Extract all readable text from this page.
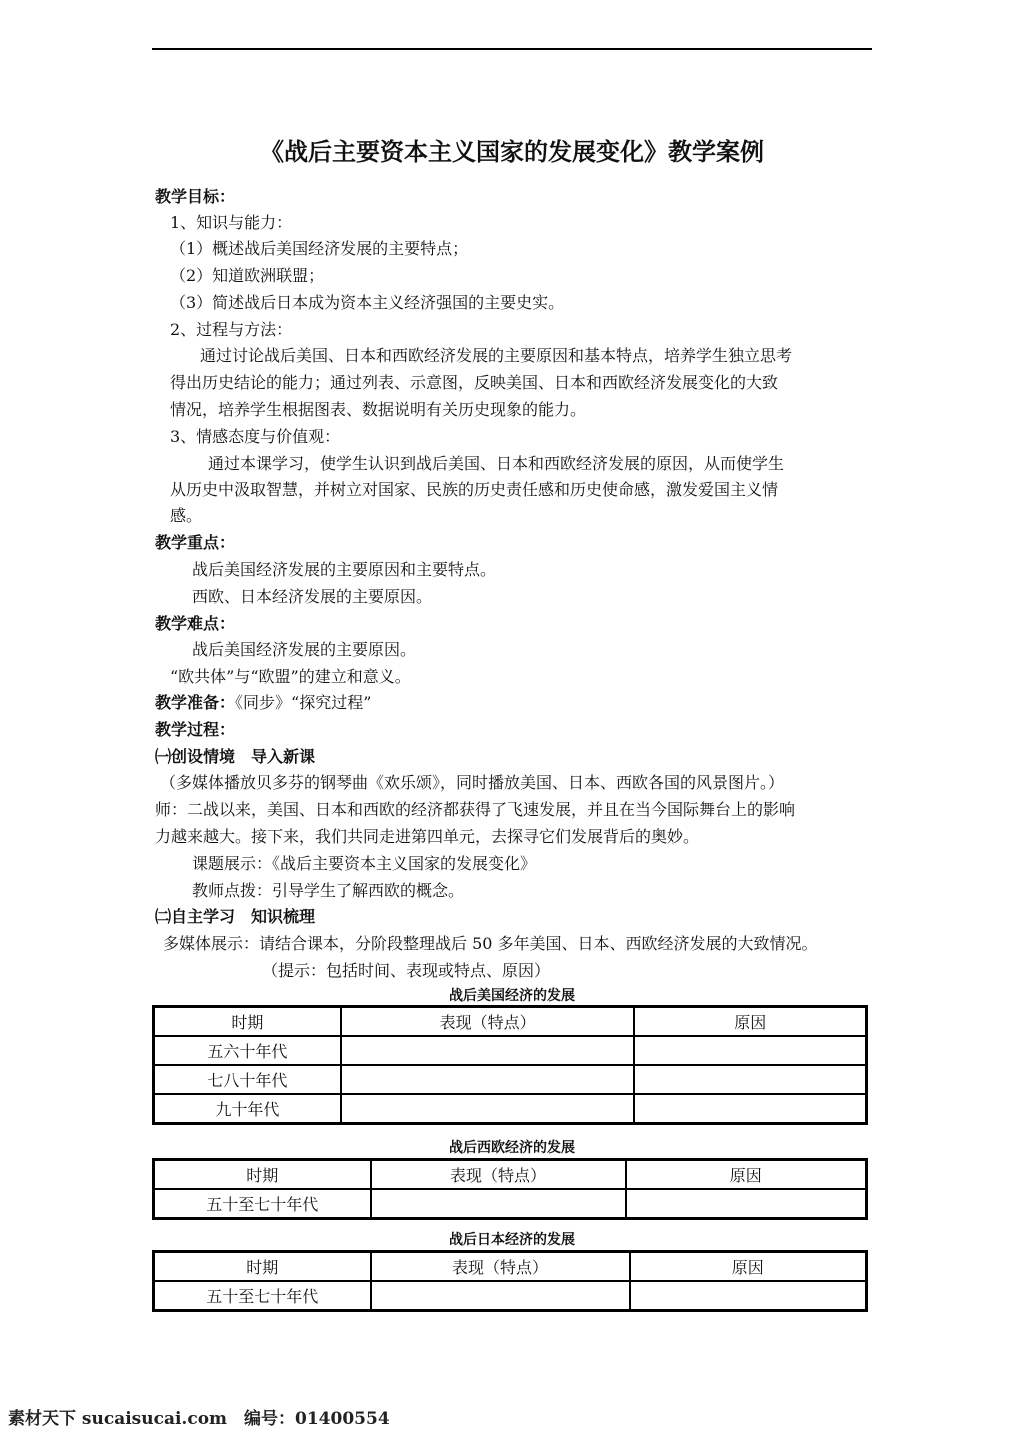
《战后主要资本主义国家的发展变化》教学案例
教学目标：
1、知识与能力：
（1）概述战后美国经济发展的主要特点；
（2）知道欧洲联盟；
（3）简述战后日本成为资本主义经济强国的主要史实。
2、过程与方法：
通过讨论战后美国、日本和西欧经济发展的主要原因和基本特点，培养学生独立思考
得出历史结论的能力；通过列表、示意图，反映美国、日本和西欧经济发展变化的大致
情况，培养学生根据图表、数据说明有关历史现象的能力。
3、情感态度与价值观：
通过本课学习，使学生认识到战后美国、日本和西欧经济发展的原因，从而使学生
从历史中汲取智慧，并树立对国家、民族的历史责任感和历史使命感，激发爱国主义情
感。
教学重点：
战后美国经济发展的主要原因和主要特点。
西欧、日本经济发展的主要原因。
教学难点：
战后美国经济发展的主要原因。
“欧共体”与“欧盟”的建立和意义。
教学准备：《同步》“探究过程”
教学过程：
㈠创设情境　导入新课
（多媒体播放贝多芬的钢琴曲《欢乐颂》，同时播放美国、日本、西欧各国的风景图片。）
师：二战以来，美国、日本和西欧的经济都获得了飞速发展，并且在当今国际舞台上的影响
力越来越大。接下来，我们共同走进第四单元，去探寻它们发展背后的奥妙。
课题展示：《战后主要资本主义国家的发展变化》
教师点拨：引导学生了解西欧的概念。
㈡自主学习　知识梳理
多媒体展示：请结合课本，分阶段整理战后 50 多年美国、日本、西欧经济发展的大致情况。
（提示：包括时间、表现或特点、原因）
战后美国经济的发展
时期	表现（特点）	原因
五六十年代		
七八十年代		
九十年代		
战后西欧经济的发展
时期	表现（特点）	原因
五十至七十年代		
战后日本经济的发展
时期	表现（特点）	原因
五十至七十年代		
素材天下 sucaisucai.com　编号：01400554
